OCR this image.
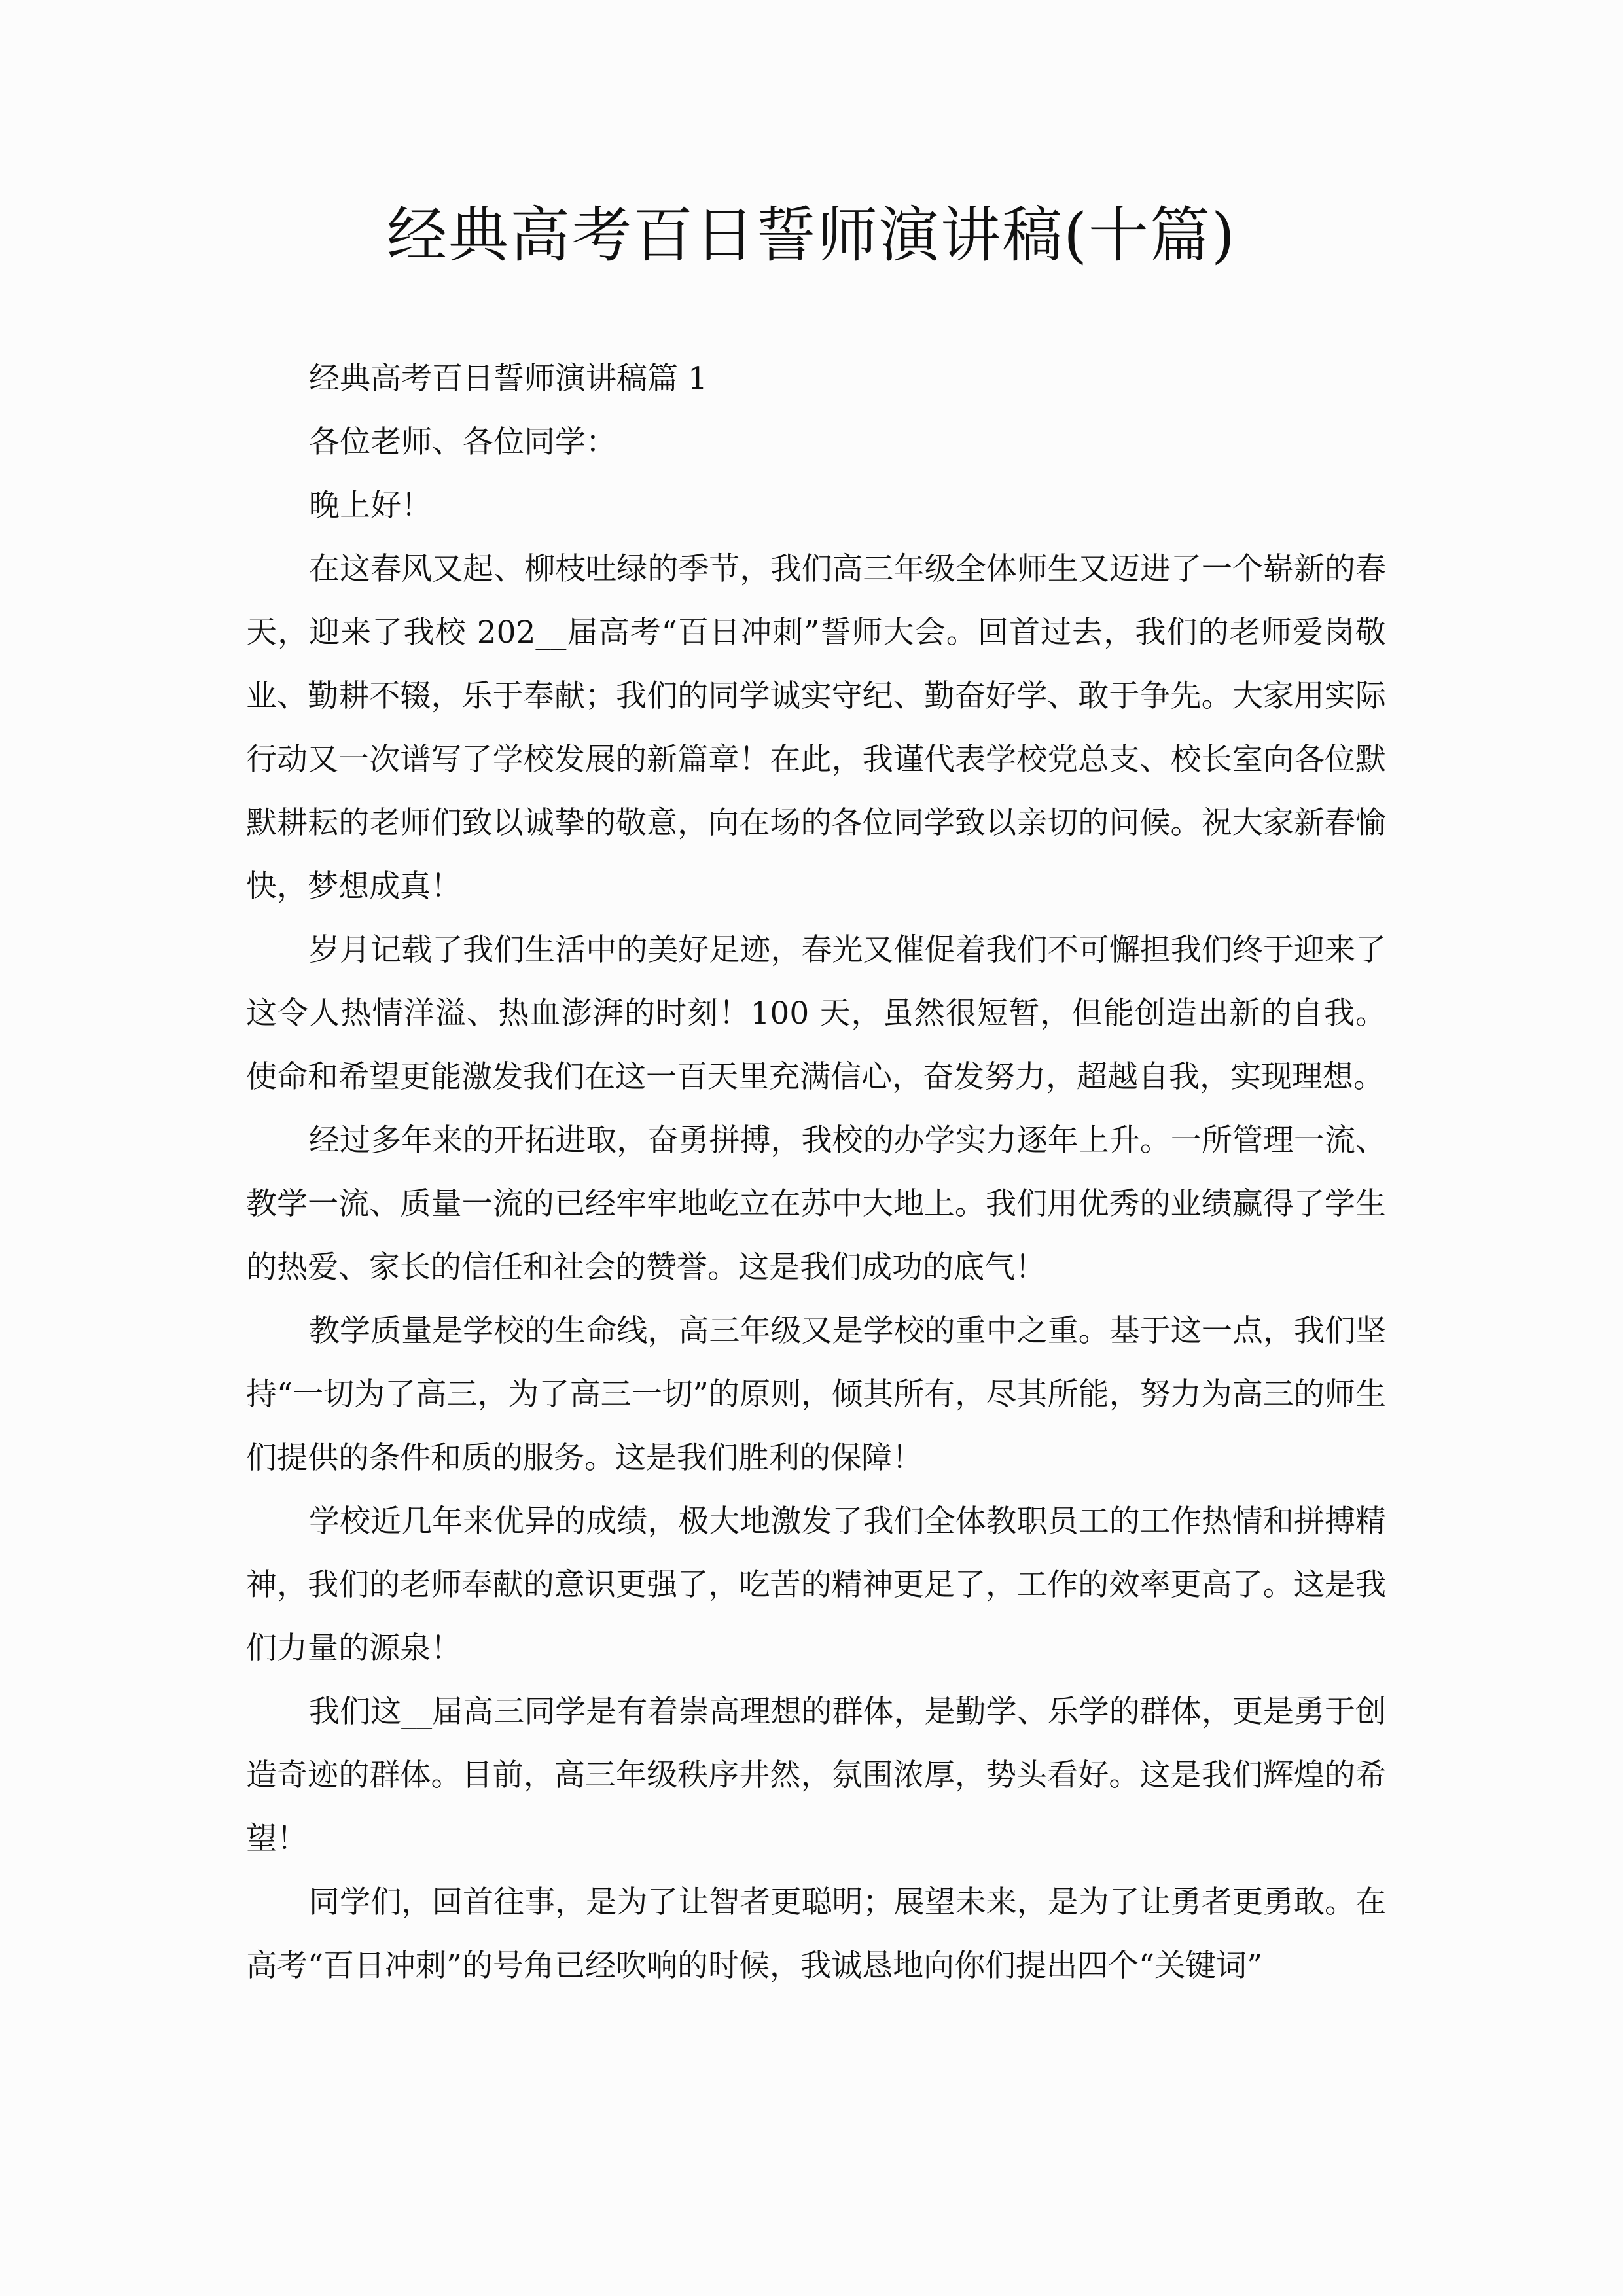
经典高考百日誓师演讲稿(十篇)

经典高考百日誓师演讲稿篇 1

各位老师、各位同学：

晚上好！

在这春风又起、柳枝吐绿的季节，我们高三年级全体师生又迈进了一个崭新的春天，迎来了我校 202__届高考“百日冲刺”誓师大会。回首过去，我们的老师爱岗敬业、勤耕不辍，乐于奉献；我们的同学诚实守纪、勤奋好学、敢于争先。大家用实际行动又一次谱写了学校发展的新篇章！在此，我谨代表学校党总支、校长室向各位默默耕耘的老师们致以诚挚的敬意，向在场的各位同学致以亲切的问候。祝大家新春愉快，梦想成真！

岁月记载了我们生活中的美好足迹，春光又催促着我们不可懈担我们终于迎来了这令人热情洋溢、热血澎湃的时刻！100 天，虽然很短暂，但能创造出新的自我。使命和希望更能激发我们在这一百天里充满信心，奋发努力，超越自我，实现理想。

经过多年来的开拓进取，奋勇拼搏，我校的办学实力逐年上升。一所管理一流、教学一流、质量一流的已经牢牢地屹立在苏中大地上。我们用优秀的业绩赢得了学生的热爱、家长的信任和社会的赞誉。这是我们成功的底气！

教学质量是学校的生命线，高三年级又是学校的重中之重。基于这一点，我们坚持“一切为了高三，为了高三一切”的原则，倾其所有，尽其所能，努力为高三的师生们提供的条件和质的服务。这是我们胜利的保障！

学校近几年来优异的成绩，极大地激发了我们全体教职员工的工作热情和拼搏精神，我们的老师奉献的意识更强了，吃苦的精神更足了，工作的效率更高了。这是我们力量的源泉！

我们这__届高三同学是有着崇高理想的群体，是勤学、乐学的群体，更是勇于创造奇迹的群体。目前，高三年级秩序井然，氛围浓厚，势头看好。这是我们辉煌的希望！

同学们，回首往事，是为了让智者更聪明；展望未来，是为了让勇者更勇敢。在高考“百日冲刺”的号角已经吹响的时候，我诚恳地向你们提出四个“关键词”
